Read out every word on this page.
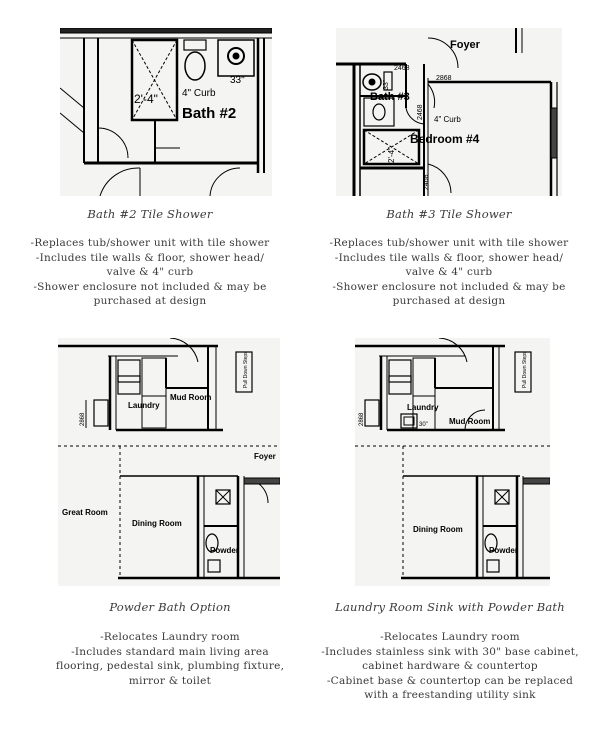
2'-4" 4" Curb
Bath #2
33"
Bath #2 Tile Shower
-Replaces tub/shower unit with tile shower
-Includes tile walls & floor, shower head/
valve & 4" curb
-Shower enclosure not included & may be
purchased at design
Foyer
Bath #3
Bedroom #4
4" Curb
2468
2868
2468
2468
2'-4"
33"
Bath #3 Tile Shower
-Replaces tub/shower unit with tile shower
-Includes tile walls & floor, shower head/
valve & 4" curb
-Shower enclosure not included & may be
purchased at design
Laundry
Mud Room
Foyer
Great Room
Dining Room
Powder
Pull Down Steps
2868
Powder Bath Option
-Relocates Laundry room
-Includes standard main living area
flooring, pedestal sink, plumbing fixture,
mirror & toilet
Laundry
Mud Room
30"
Dining Room
Powder
Pull Down Steps
2868
Laundry Room Sink with Powder Bath
-Relocates Laundry room
-Includes stainless sink with 30" base cabinet,
cabinet hardware & countertop
-Cabinet base & countertop can be replaced
with a freestanding utility sink
